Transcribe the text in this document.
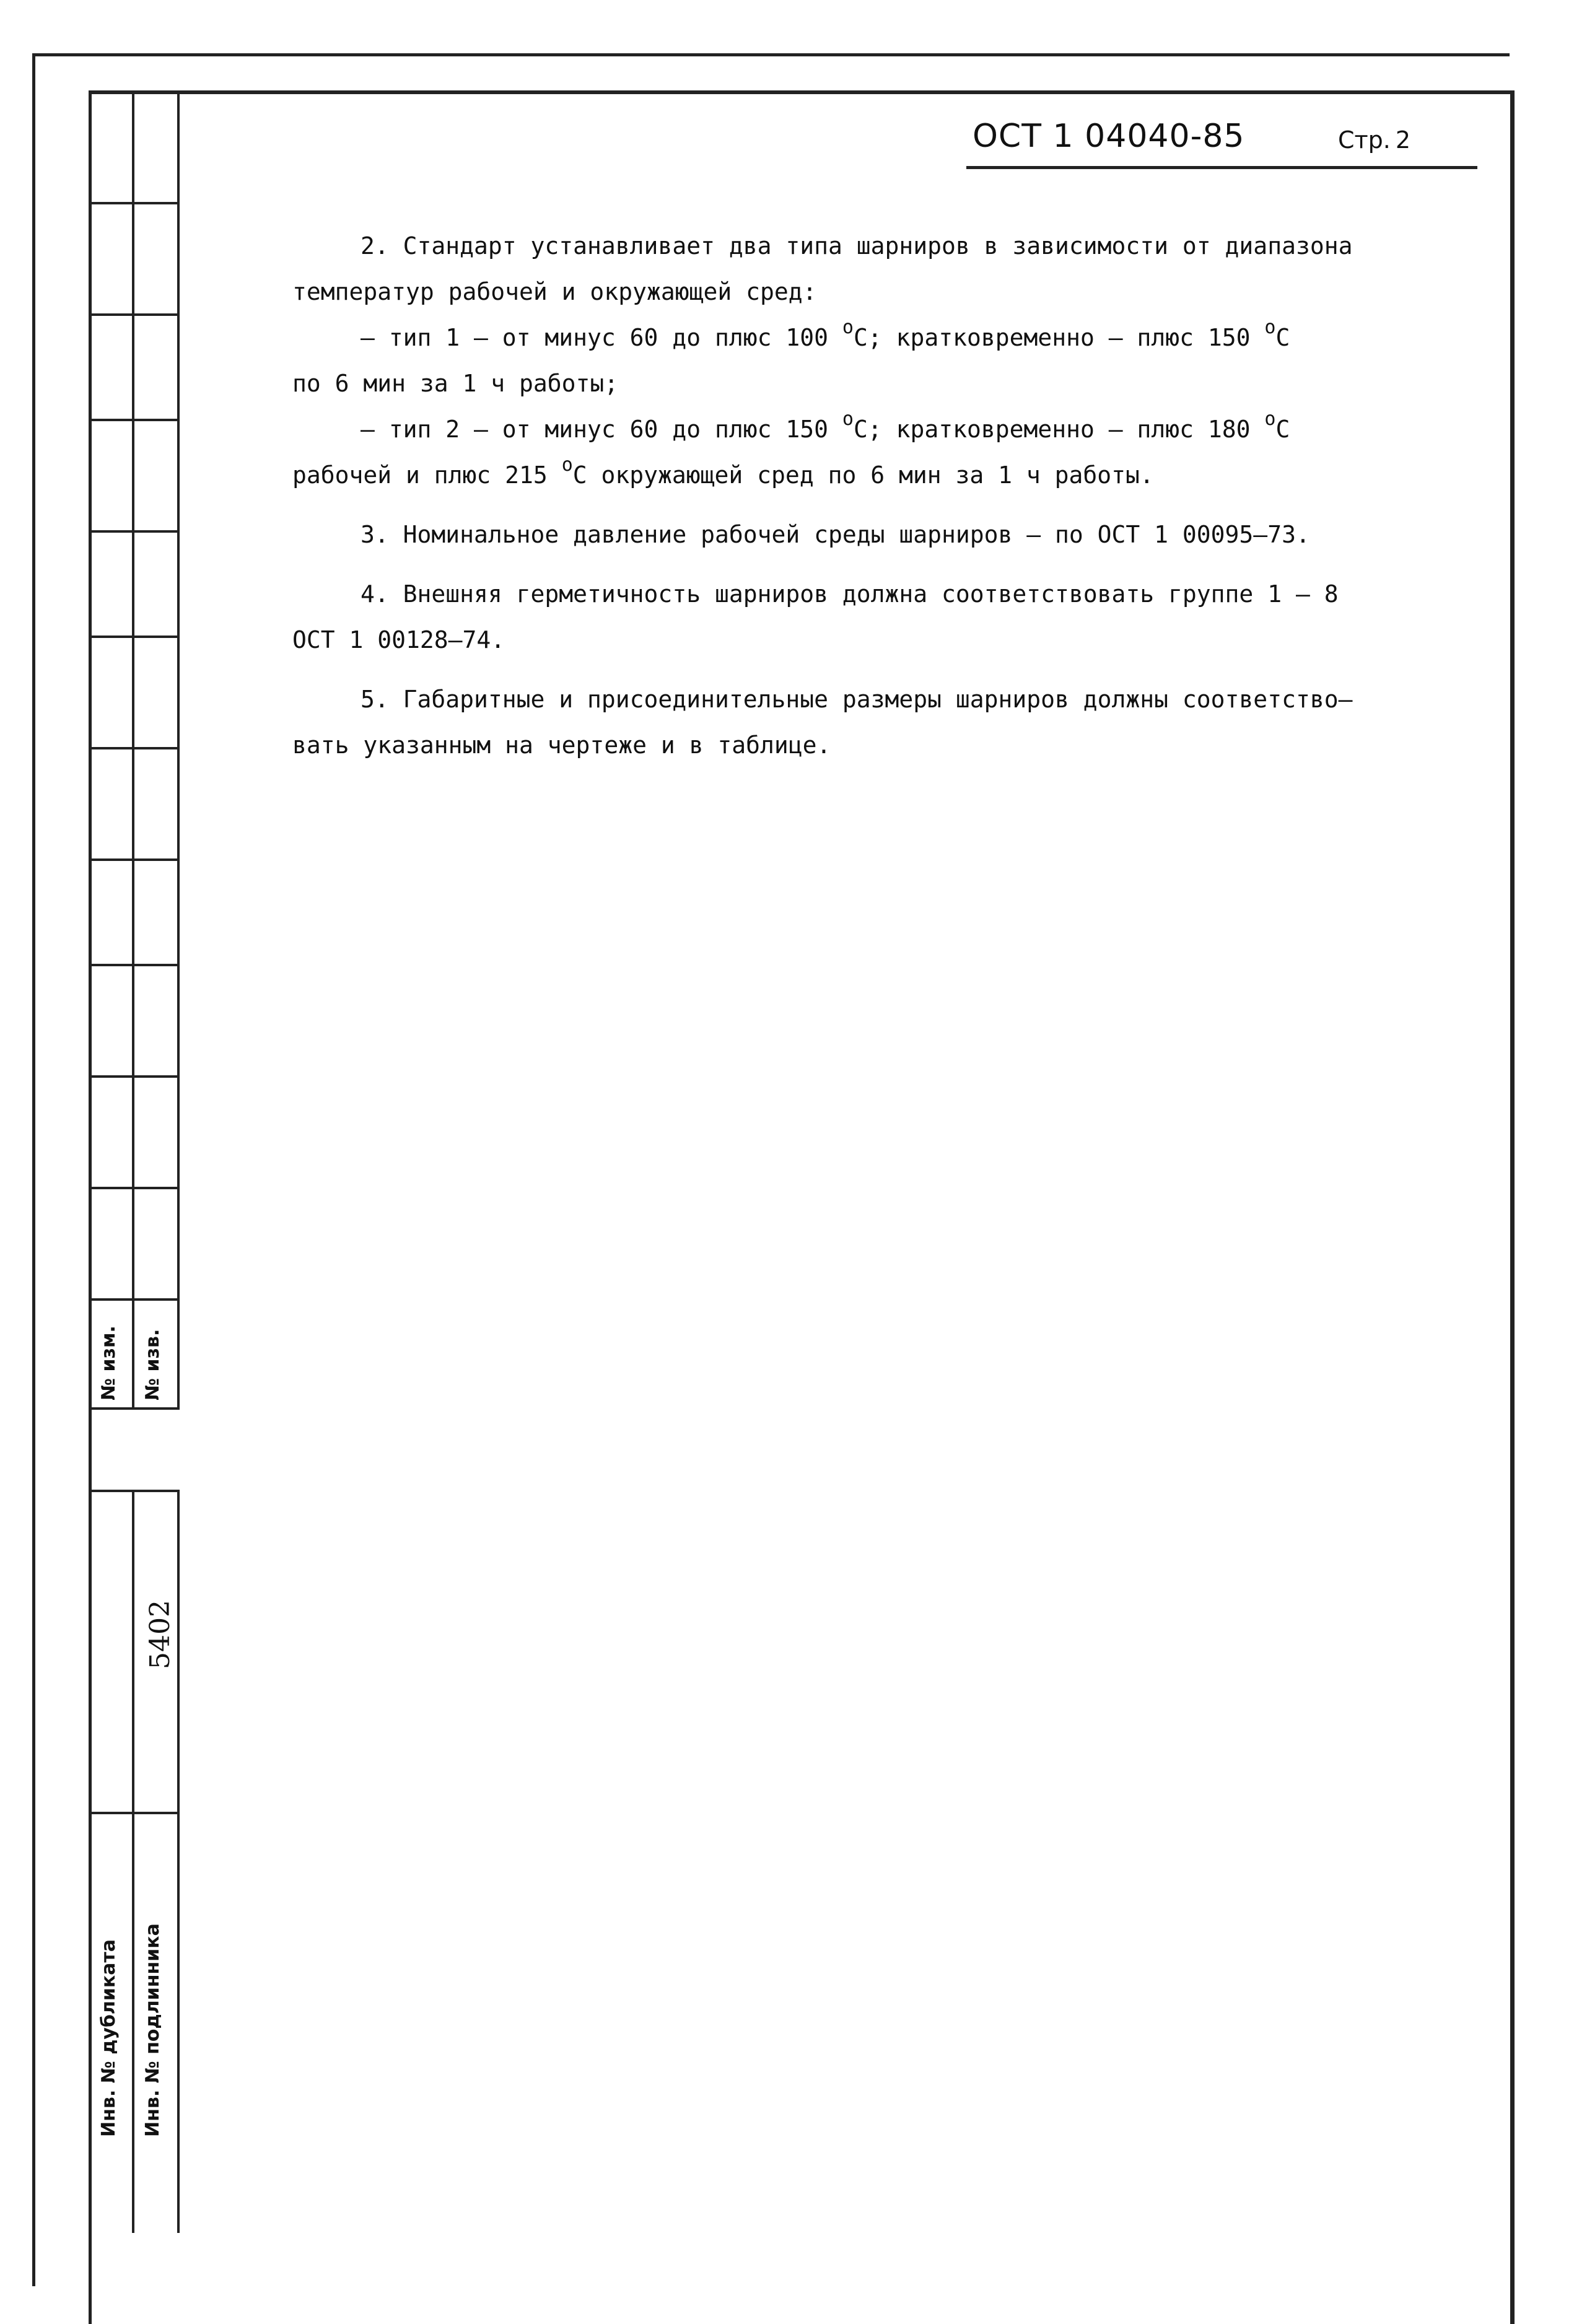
№ изм. № изв.
5402
Инв. № дубликата Инв. № подлинника
ОСТ 1 04040-85	Стр. 2
2. Стандарт устанавливает два типа шарниров в зависимости от диапазона
температур рабочей и окружающей сред:
– тип 1 – от минус 60 до плюс 100 $^о$С; кратковременно – плюс 150 $^о$С
по 6 мин за 1 ч работы;
– тип 2 – от минус 60 до плюс 150 $^о$С; кратковременно – плюс 180 $^о$С
рабочей и плюс 215 $^о$С окружающей сред по 6 мин за 1 ч работы.
3. Номинальное давление рабочей среды шарниров – по ОСТ 1 00095–73.
4. Внешняя герметичность шарниров должна соответствовать группе 1 – 8
ОСТ 1 00128–74.
5. Габаритные и присоединительные размеры шарниров должны соответство–
вать указанным на чертеже и в таблице.
